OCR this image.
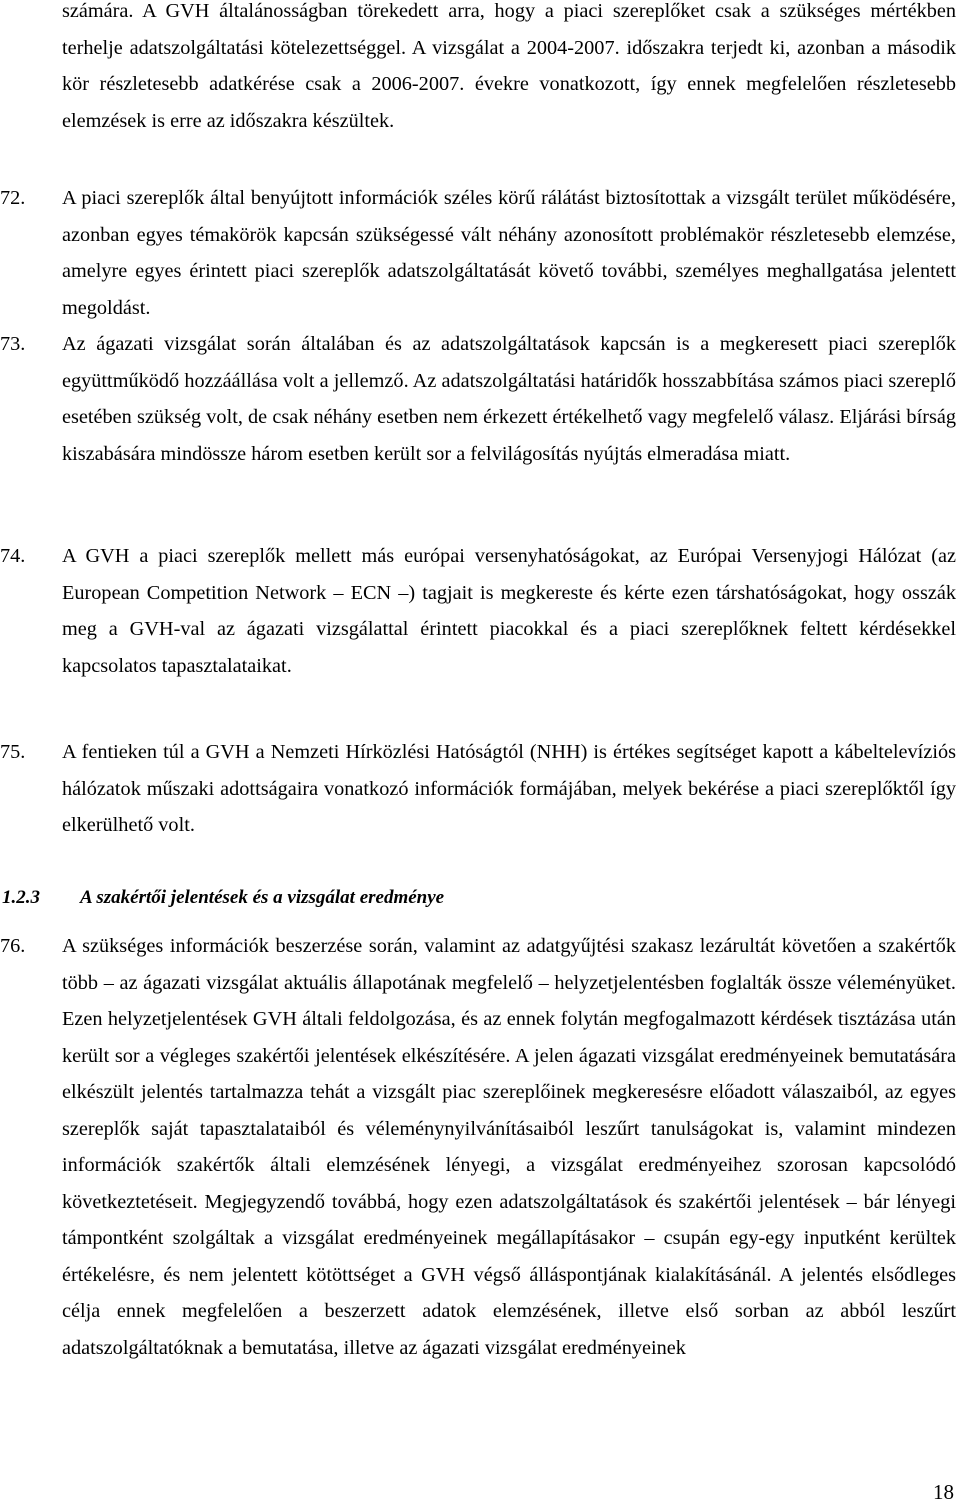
számára. A GVH általánosságban törekedett arra, hogy a piaci szereplőket csak a szükséges mértékben terhelje adatszolgáltatási kötelezettséggel. A vizsgálat a 2004-2007. időszakra terjedt ki, azonban a második kör részletesebb adatkérése csak a 2006-2007. évekre vonatkozott, így ennek megfelelően részletesebb elemzések is erre az időszakra készültek.
72.	A piaci szereplők által benyújtott információk széles körű rálátást biztosítottak a vizsgált terület működésére, azonban egyes témakörök kapcsán szükségessé vált néhány azonosított problémakör részletesebb elemzése, amelyre egyes érintett piaci szereplők adatszolgáltatását követő további, személyes meghallgatása jelentett megoldást.
73.	Az ágazati vizsgálat során általában és az adatszolgáltatások kapcsán is a megkeresett piaci szereplők együttműködő hozzáállása volt a jellemző. Az adatszolgáltatási határidők hosszabbítása számos piaci szereplő esetében szükség volt, de csak néhány esetben nem érkezett értékelhető vagy megfelelő válasz. Eljárási bírság kiszabására mindössze három esetben került sor a felvilágosítás nyújtás elmeradása miatt.
74.	A GVH a piaci szereplők mellett más európai versenyhatóságokat, az Európai Versenyjogi Hálózat (az European Competition Network – ECN –) tagjait is megkereste és kérte ezen társhatóságokat, hogy osszák meg a GVH-val az ágazati vizsgálattal érintett piacokkal és a piaci szereplőknek feltett kérdésekkel kapcsolatos tapasztalataikat.
75.	A fentieken túl a GVH a Nemzeti Hírközlési Hatóságtól (NHH) is értékes segítséget kapott a kábeltelevíziós hálózatok műszaki adottságaira vonatkozó információk formájában, melyek bekérése a piaci szereplőktől így elkerülhető volt.
1.2.3	A szakértői jelentések és a vizsgálat eredménye
76.	A szükséges információk beszerzése során, valamint az adatgyűjtési szakasz lezárultát követően a szakértők több – az ágazati vizsgálat aktuális állapotának megfelelő – helyzetjelentésben foglalták össze véleményüket. Ezen helyzetjelentések GVH általi feldolgozása, és az ennek folytán megfogalmazott kérdések tisztázása után került sor a végleges szakértői jelentések elkészítésére. A jelen ágazati vizsgálat eredményeinek bemutatására elkészült jelentés tartalmazza tehát a vizsgált piac szereplőinek megkeresésre előadott válaszaiból, az egyes szereplők saját tapasztalataiból és véleménynyilvánításaiból leszűrt tanulságokat is, valamint mindezen információk szakértők általi elemzésének lényegi, a vizsgálat eredményeihez szorosan kapcsolódó következtetéseit. Megjegyzendő továbbá, hogy ezen adatszolgáltatások és szakértői jelentések – bár lényegi támpontként szolgáltak a vizsgálat eredményeinek megállapításakor – csupán egy-egy inputként kerültek értékelésre, és nem jelentett kötöttséget a GVH végső álláspontjának kialakításánál. A jelentés elsődleges célja ennek megfelelően a beszerzett adatok elemzésének, illetve első sorban az abból leszűrt adatszolgáltatóknak a bemutatása, illetve az ágazati vizsgálat eredményeinek
18
